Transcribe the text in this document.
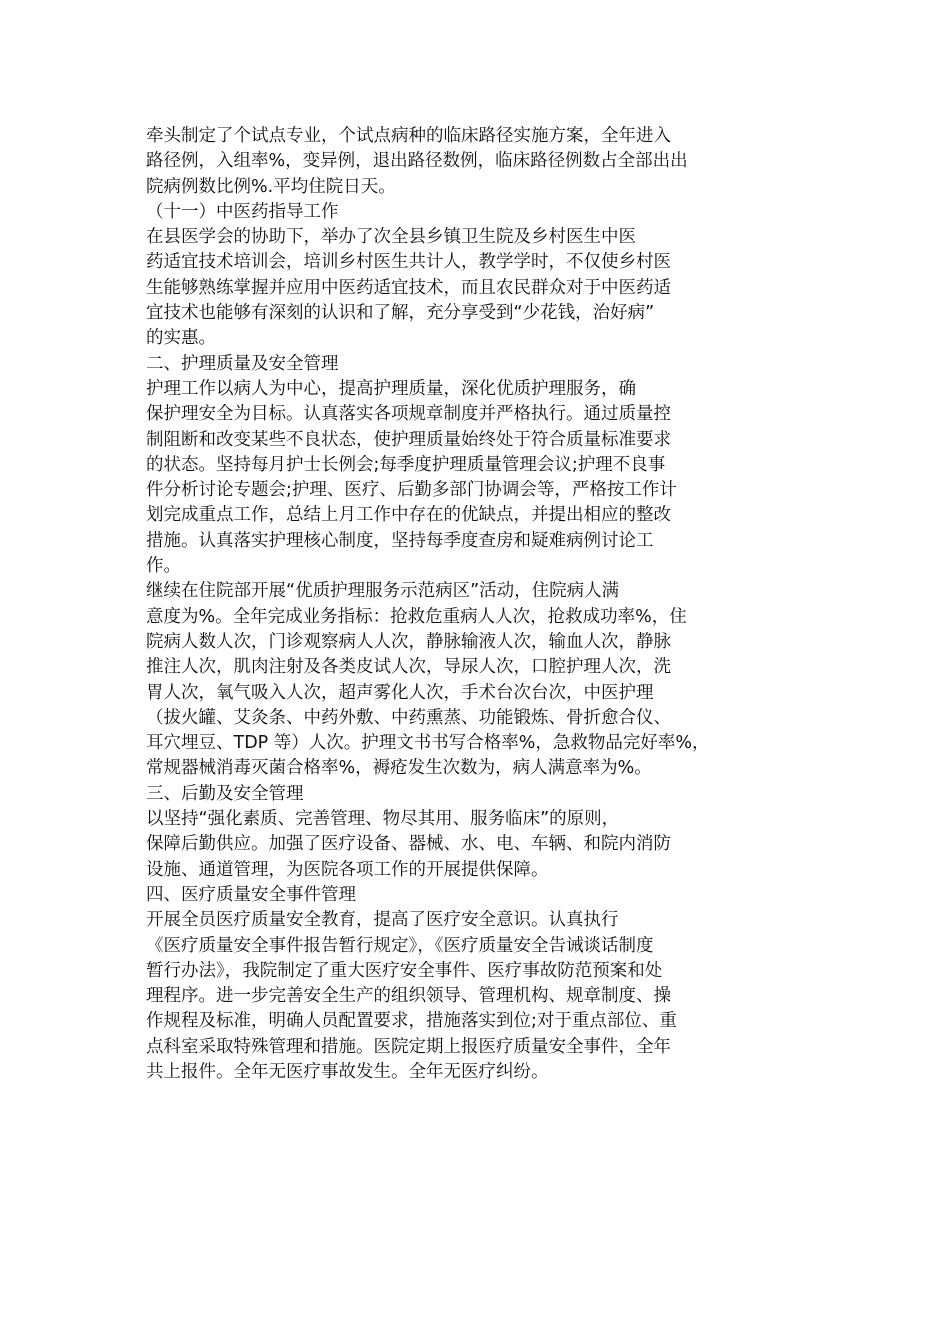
牵头制定了个试点专业，个试点病种的临床路径实施方案，全年进入
路径例，入组率%，变异例，退出路径数例，临床路径例数占全部出出
院病例数比例%.平均住院日天。
（十一）中医药指导工作
在县医学会的协助下，举办了次全县乡镇卫生院及乡村医生中医
药适宜技术培训会，培训乡村医生共计人，教学学时，不仅使乡村医
生能够熟练掌握并应用中医药适宜技术，而且农民群众对于中医药适
宜技术也能够有深刻的认识和了解，充分享受到“少花钱，治好病”
的实惠。
二、护理质量及安全管理
护理工作以病人为中心，提高护理质量，深化优质护理服务，确
保护理安全为目标。认真落实各项规章制度并严格执行。通过质量控
制阻断和改变某些不良状态，使护理质量始终处于符合质量标准要求
的状态。坚持每月护士长例会;每季度护理质量管理会议;护理不良事
件分析讨论专题会;护理、医疗、后勤多部门协调会等，严格按工作计
划完成重点工作，总结上月工作中存在的优缺点，并提出相应的整改
措施。认真落实护理核心制度，坚持每季度查房和疑难病例讨论工
作。
继续在住院部开展“优质护理服务示范病区”活动，住院病人满
意度为%。全年完成业务指标：抢救危重病人人次，抢救成功率%，住
院病人数人次，门诊观察病人人次，静脉输液人次，输血人次，静脉
推注人次，肌肉注射及各类皮试人次，导尿人次，口腔护理人次，洗
胃人次，氧气吸入人次，超声雾化人次，手术台次台次，中医护理
（拔火罐、艾灸条、中药外敷、中药熏蒸、功能锻炼、骨折愈合仪、
耳穴埋豆、TDP 等）人次。护理文书书写合格率%，急救物品完好率%，
常规器械消毒灭菌合格率%，褥疮发生次数为，病人满意率为%。
三、后勤及安全管理
以坚持“强化素质、完善管理、物尽其用、服务临床”的原则，
保障后勤供应。加强了医疗设备、器械、水、电、车辆、和院内消防
设施、通道管理，为医院各项工作的开展提供保障。
四、医疗质量安全事件管理
开展全员医疗质量安全教育，提高了医疗安全意识。认真执行
《医疗质量安全事件报告暂行规定》，《医疗质量安全告诫谈话制度
暂行办法》，我院制定了重大医疗安全事件、医疗事故防范预案和处
理程序。进一步完善安全生产的组织领导、管理机构、规章制度、操
作规程及标准，明确人员配置要求，措施落实到位;对于重点部位、重
点科室采取特殊管理和措施。医院定期上报医疗质量安全事件，全年
共上报件。全年无医疗事故发生。全年无医疗纠纷。
